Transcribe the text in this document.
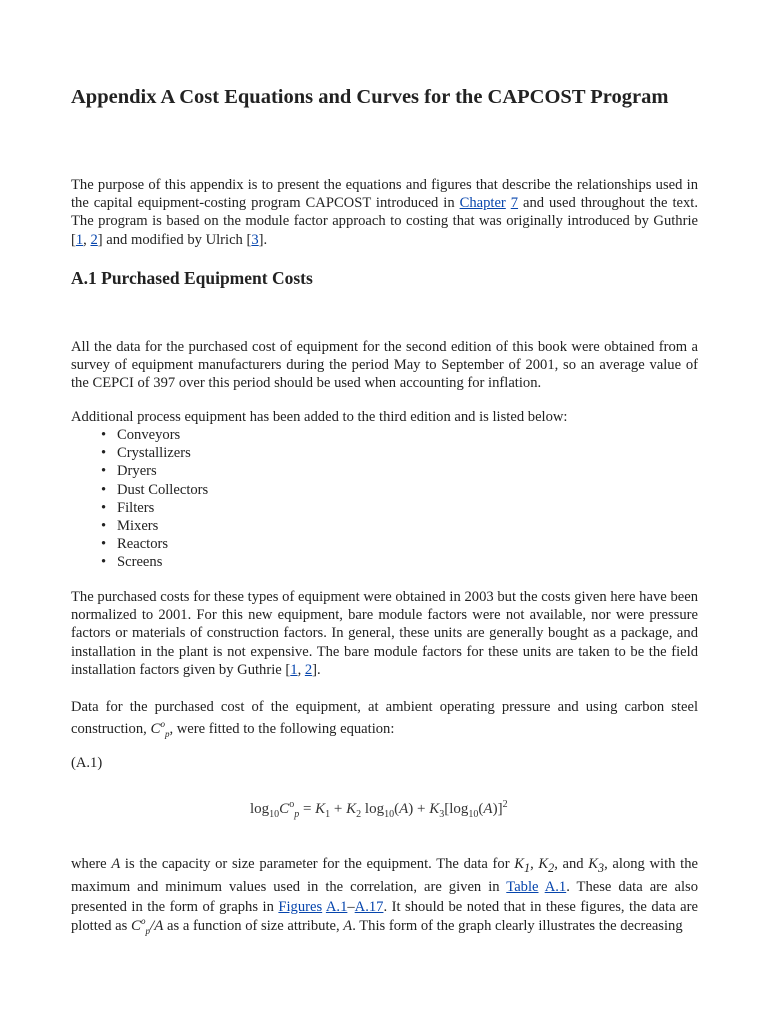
Appendix A Cost Equations and Curves for the CAPCOST Program

The purpose of this appendix is to present the equations and figures that describe the relationships used in the capital equipment-costing program CAPCOST introduced in Chapter 7 and used throughout the text. The program is based on the module factor approach to costing that was originally introduced by Guthrie [1, 2] and modified by Ulrich [3].

A.1 Purchased Equipment Costs

All the data for the purchased cost of equipment for the second edition of this book were obtained from a survey of equipment manufacturers during the period May to September of 2001, so an average value of the CEPCI of 397 over this period should be used when accounting for inflation.

Additional process equipment has been added to the third edition and is listed below:

• Conveyors
• Crystallizers
• Dryers
• Dust Collectors
• Filters
• Mixers
• Reactors
• Screens

The purchased costs for these types of equipment were obtained in 2003 but the costs given here have been normalized to 2001. For this new equipment, bare module factors were not available, nor were pressure factors or materials of construction factors. In general, these units are generally bought as a package, and installation in the plant is not expensive. The bare module factors for these units are taken to be the field installation factors given by Guthrie [1, 2].

Data for the purchased cost of the equipment, at ambient operating pressure and using carbon steel construction, $C^o_p$, were fitted to the following equation:

(A.1)

$\log_{10}C^o_p = K_1 + K_2$ $\log_{10}(A) + K_3[\log_{10}(A)]^2$

where A is the capacity or size parameter for the equipment. The data for $K_1$, $K_2$, and $K_3$, along with the maximum and minimum values used in the correlation, are given in Table A.1. These data are also presented in the form of graphs in Figures A.1–A.17. It should be noted that in these figures, the data are plotted as $C^o_p/A$ as a function of size attribute, A. This form of the graph clearly illustrates the decreasing
